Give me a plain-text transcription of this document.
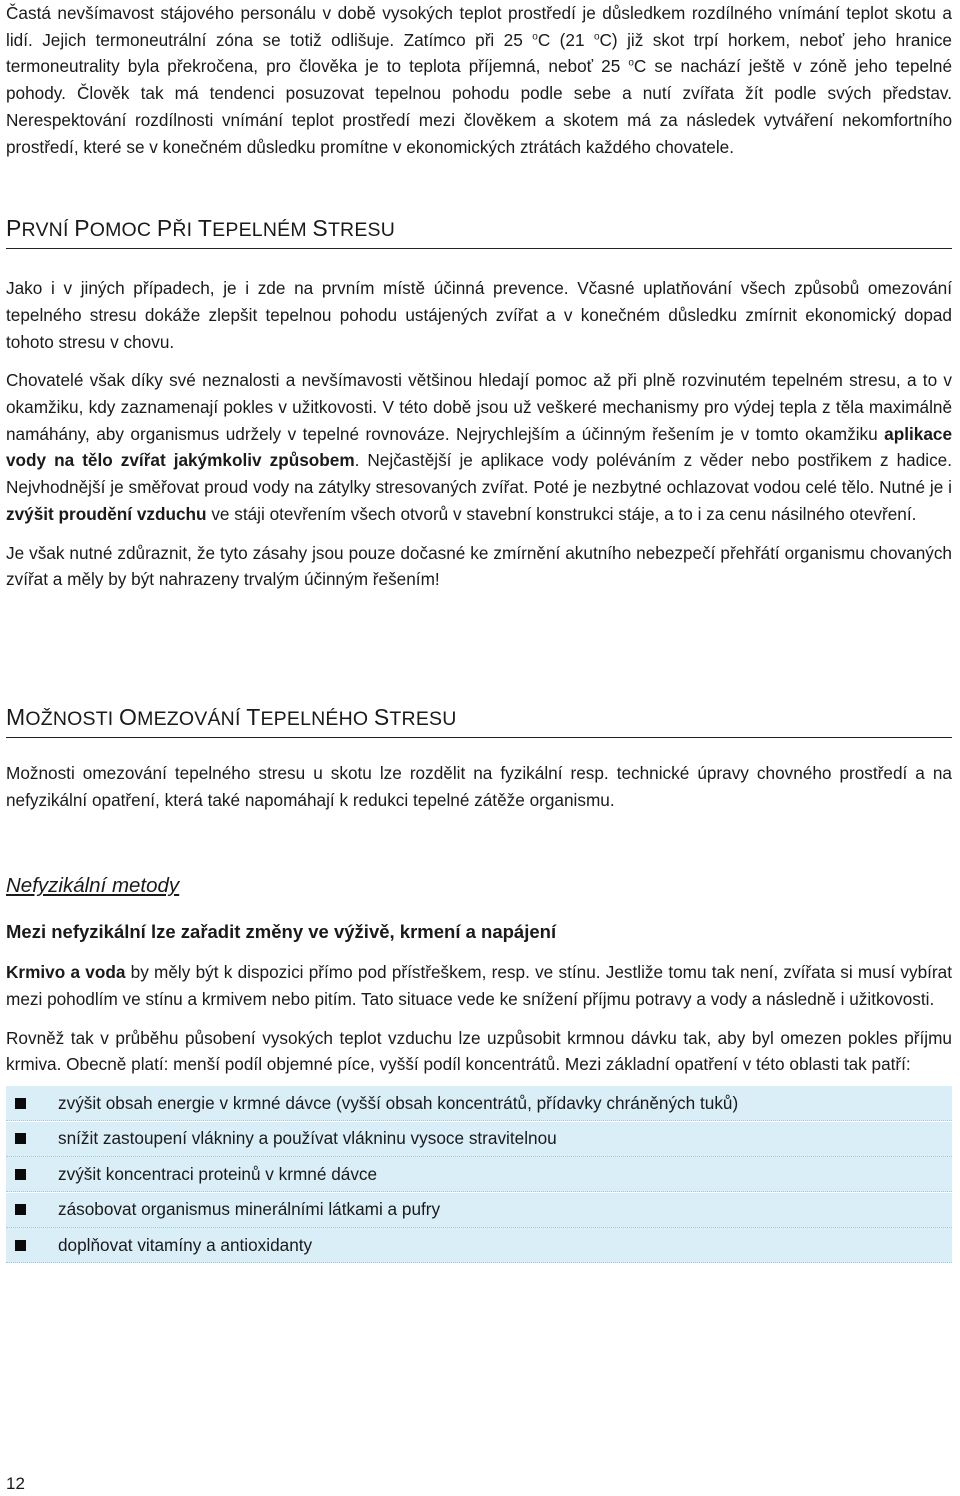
Častá nevšímavost stájového personálu v době vysokých teplot prostředí je důsledkem rozdílného vnímání teplot skotu a lidí. Jejich termoneutrální zóna se totiž odlišuje. Zatímco při 25 $^o$C (21 $^o$C) již skot trpí horkem, neboť jeho hranice termoneutrality byla překročena, pro člověka je to teplota příjemná, neboť 25 $^o$C se nachází ještě v zóně jeho tepelné pohody. Člověk tak má tendenci posuzovat tepelnou pohodu podle sebe a nutí zvířata žít podle svých představ. Nerespektování rozdílnosti vnímání teplot prostředí mezi člověkem a skotem má za následek vytváření nekomfortního prostředí, které se v konečném důsledku promítne v ekonomických ztrátách každého chovatele.

PRVNÍ POMOC PŘI TEPELNÉM STRESU

Jako i v jiných případech, je i zde na prvním místě účinná prevence. Včasné uplatňování všech způsobů omezování tepelného stresu dokáže zlepšit tepelnou pohodu ustájených zvířat a v konečném důsledku zmírnit ekonomický dopad tohoto stresu v chovu.

Chovatelé však díky své neznalosti a nevšímavosti většinou hledají pomoc až při plně rozvinutém tepelném stresu, a to v okamžiku, kdy zaznamenají pokles v užitkovosti. V této době jsou už veškeré mechanismy pro výdej tepla z těla maximálně namáhány, aby organismus udržely v tepelné rovnováze. Nejrychlejším a účinným řešením je v tomto okamžiku aplikace vody na tělo zvířat jakýmkoliv způsobem. Nejčastější je aplikace vody poléváním z věder nebo postřikem z hadice. Nejvhodnější je směřovat proud vody na zátylky stresovaných zvířat. Poté je nezbytné ochlazovat vodou celé tělo. Nutné je i zvýšit proudění vzduchu ve stáji otevřením všech otvorů v stavební konstrukci stáje, a to i za cenu násilného otevření.

Je však nutné zdůraznit, že tyto zásahy jsou pouze dočasné ke zmírnění akutního nebezpečí přehřátí organismu chovaných zvířat a měly by být nahrazeny trvalým účinným řešením!

MOŽNOSTI OMEZOVÁNÍ TEPELNÉHO STRESU

Možnosti omezování tepelného stresu u skotu lze rozdělit na fyzikální resp. technické úpravy chovného prostředí a na nefyzikální opatření, která také napomáhají k redukci tepelné zátěže organismu.

Nefyzikální metody
Mezi nefyzikální lze zařadit změny ve výživě, krmení a napájení

Krmivo a voda by měly být k dispozici přímo pod přístřeškem, resp. ve stínu. Jestliže tomu tak není, zvířata si musí vybírat mezi pohodlím ve stínu a krmivem nebo pitím. Tato situace vede ke snížení příjmu potravy a vody a následně i užitkovosti.

Rovněž tak v průběhu působení vysokých teplot vzduchu lze uzpůsobit krmnou dávku tak, aby byl omezen pokles příjmu krmiva. Obecně platí: menší podíl objemné píce, vyšší podíl koncentrátů. Mezi základní opatření v této oblasti tak patří:

zvýšit obsah energie v krmné dávce (vyšší obsah koncentrátů, přídavky chráněných tuků)
snížit zastoupení vlákniny a používat vlákninu vysoce stravitelnou
zvýšit koncentraci proteinů v krmné dávce
zásobovat organismus minerálními látkami a pufry
doplňovat vitamíny a antioxidanty
12
